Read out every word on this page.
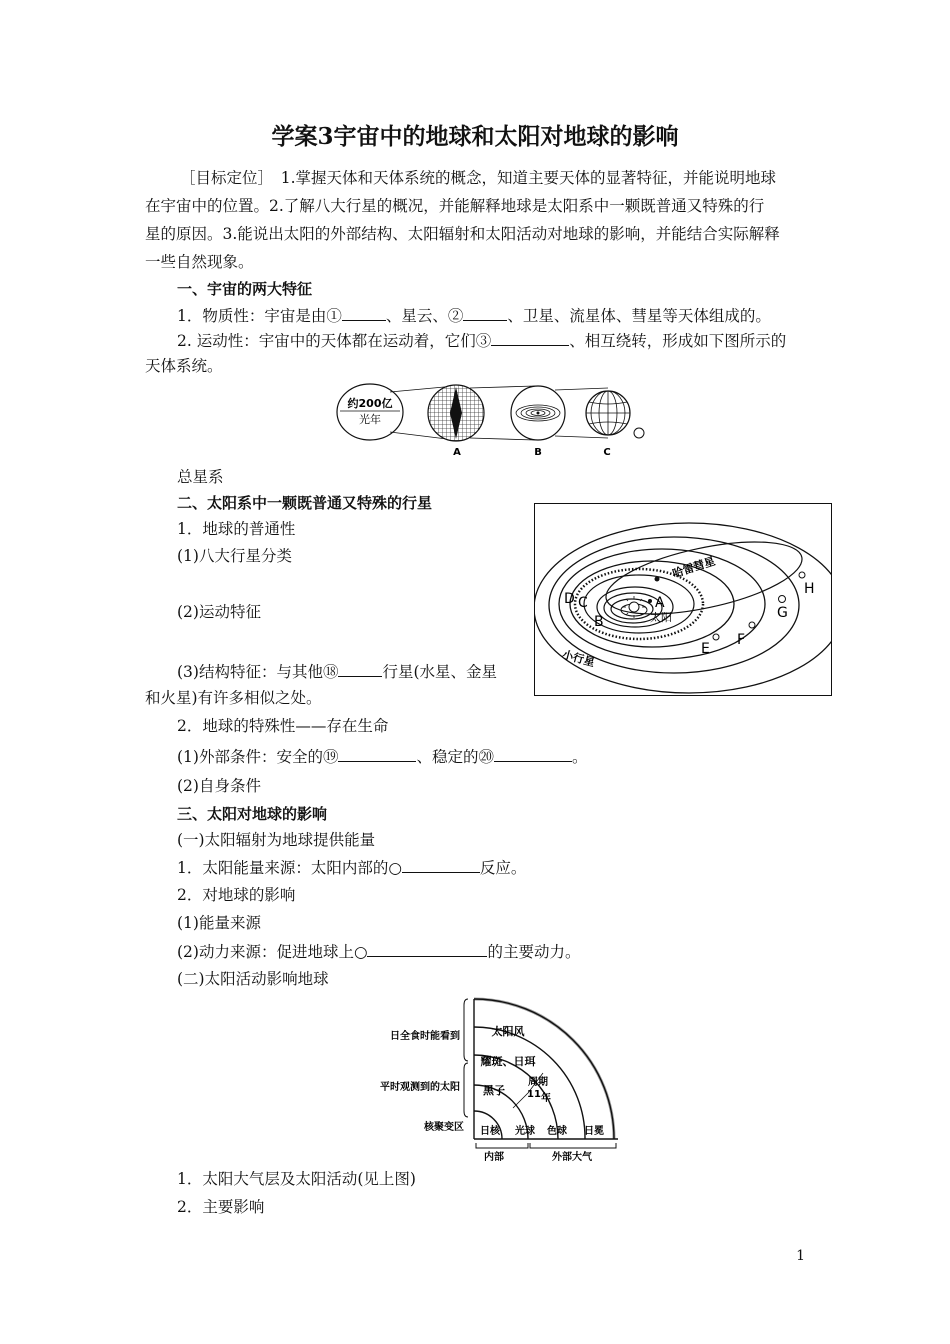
学案3宇宙中的地球和太阳对地球的影响
［目标定位］　1.掌握天体和天体系统的概念，知道主要天体的显著特征，并能说明地球
在宇宙中的位置。2.了解八大行星的概况，并能解释地球是太阳系中一颗既普通又特殊的行
星的原因。3.能说出太阳的外部结构、太阳辐射和太阳活动对地球的影响，并能结合实际解释
一些自然现象。
一、宇宙的两大特征
1．物质性：宇宙是由①	、星云、②	、卫星、流星体、彗星等天体组成的。
2. 运动性：宇宙中的天体都在运动着，它们③	、相互绕转，形成如下图所示的
天体系统。
约200亿
光年
A	B	C
总星系
二、太阳系中一颗既普通又特殊的行星
1．地球的普通性
(1)八大行星分类
(2)运动特征
(3)结构特征：与其他⑱	行星(水星、金星
和火星)有许多相似之处。
2．地球的特殊性——存在生命
(1)外部条件：安全的⑲	、稳定的⑳	。
(2)自身条件
太阳
哈雷彗星
小行星
A
B
C
D
E
F
G
H
三、太阳对地球的影响
(一)太阳辐射为地球提供能量
1．太阳能量来源：太阳内部的○	反应。
2．对地球的影响
(1)能量来源
(2)动力来源：促进地球上○	的主要动力。
(二)太阳活动影响地球
日全食时能看到
平时观测到的太阳
核聚变区
太阳风
耀斑、日珥
黑子
周期
11 年
日核 光球 色球 日冕
内部	外部大气
1．太阳大气层及太阳活动(见上图)
2．主要影响
1
